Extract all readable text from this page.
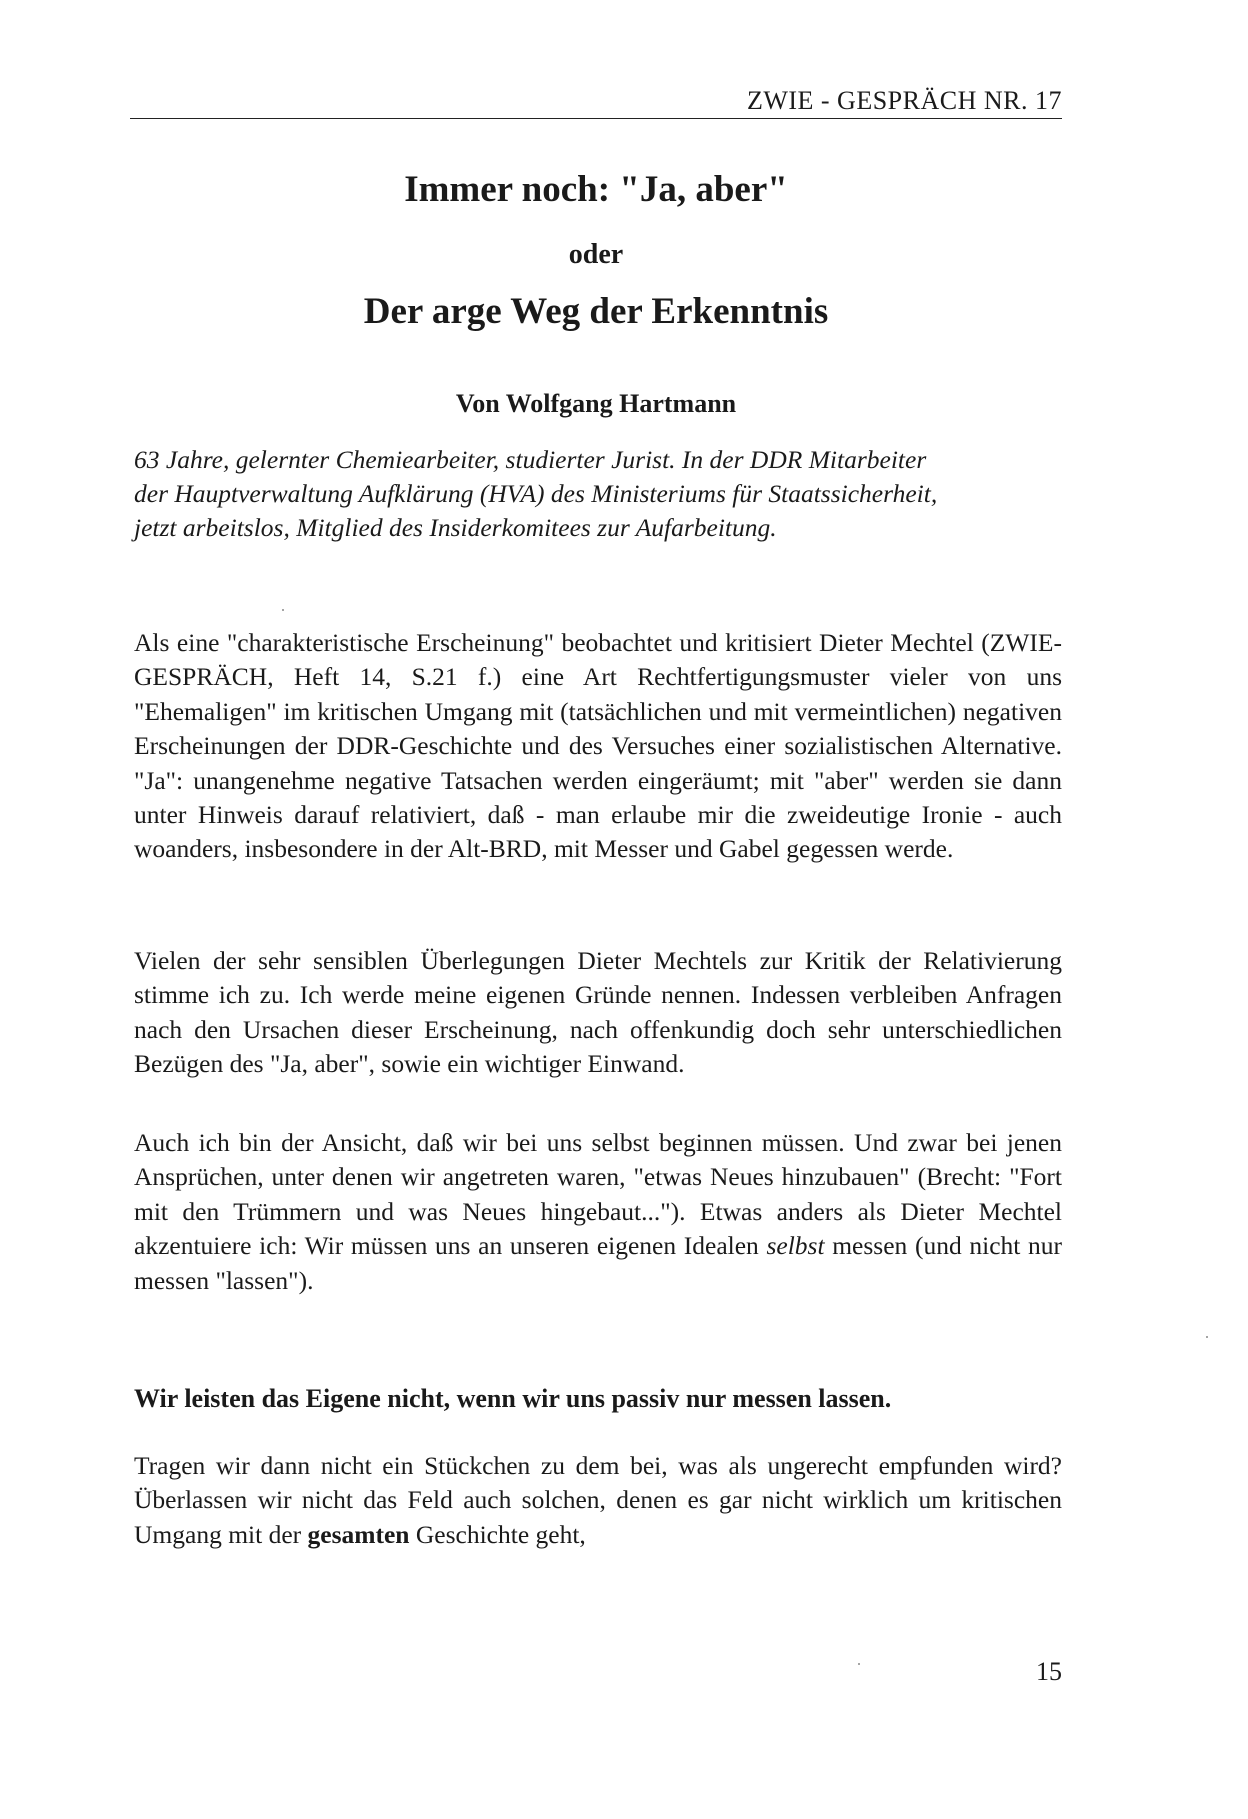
ZWIE - GESPRÄCH NR. 17
Immer noch: "Ja, aber"
oder
Der arge Weg der Erkenntnis
Von Wolfgang Hartmann

63 Jahre, gelernter Chemiearbeiter, studierter Jurist. In der DDR Mitarbeiter der Hauptverwaltung Aufklärung (HVA) des Ministeriums für Staatssicherheit, jetzt arbeitslos, Mitglied des Insiderkomitees zur Aufarbeitung.

Als eine "charakteristische Erscheinung" beobachtet und kritisiert Dieter Mechtel (ZWIE-GESPRÄCH, Heft 14, S.21 f.) eine Art Rechtfertigungsmuster vieler von uns "Ehemaligen" im kritischen Umgang mit (tatsächlichen und mit vermeintlichen) negativen Erscheinungen der DDR-Geschichte und des Versuches einer sozialistischen Alternative. "Ja": unangenehme negative Tatsachen werden eingeräumt; mit "aber" werden sie dann unter Hinweis darauf relativiert, daß - man erlaube mir die zweideutige Ironie - auch woanders, insbesondere in der Alt-BRD, mit Messer und Gabel gegessen werde.

Vielen der sehr sensiblen Überlegungen Dieter Mechtels zur Kritik der Relativierung stimme ich zu. Ich werde meine eigenen Gründe nennen. Indessen verbleiben Anfragen nach den Ursachen dieser Erscheinung, nach offenkundig doch sehr unterschiedlichen Bezügen des "Ja, aber", sowie ein wichtiger Einwand.

Auch ich bin der Ansicht, daß wir bei uns selbst beginnen müssen. Und zwar bei jenen Ansprüchen, unter denen wir angetreten waren, "etwas Neues hinzubauen" (Brecht: "Fort mit den Trümmern und was Neues hingebaut..."). Etwas anders als Dieter Mechtel akzentuiere ich: Wir müssen uns an unseren eigenen Idealen selbst messen (und nicht nur messen "lassen").

Wir leisten das Eigene nicht, wenn wir uns passiv nur messen lassen.

Tragen wir dann nicht ein Stückchen zu dem bei, was als ungerecht empfunden wird? Überlassen wir nicht das Feld auch solchen, denen es gar nicht wirklich um kritischen Umgang mit der gesamten Geschichte geht,

15
